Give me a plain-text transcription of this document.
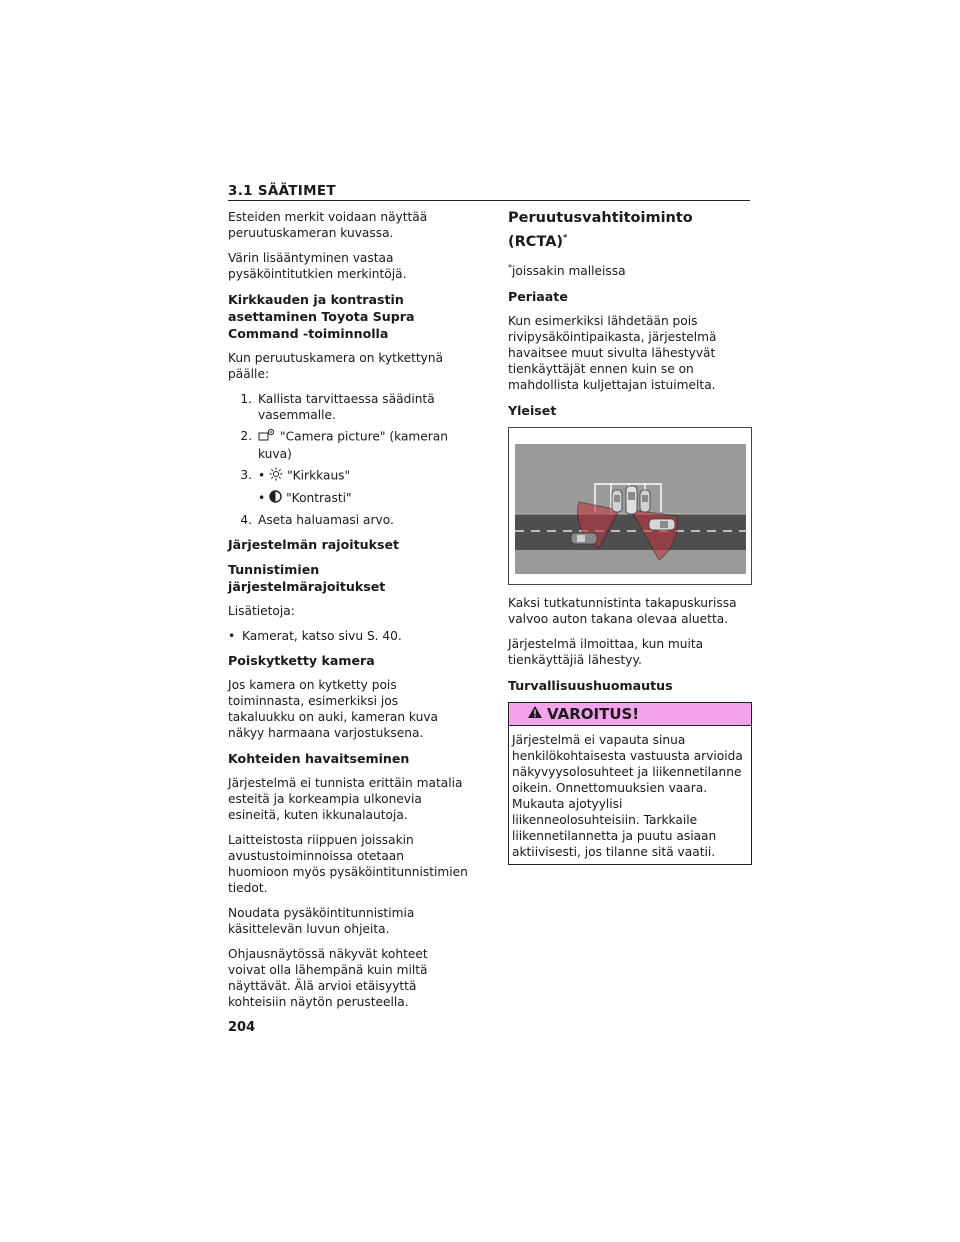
3.1 SÄÄTIMET

Esteiden merkit voidaan näyttää peruutuskameran kuvassa.

Värin lisääntyminen vastaa pysäköintitutkien merkintöjä.

Kirkkauden ja kontrastin asettaminen Toyota Supra Command -toiminnolla

Kun peruutuskamera on kytkettynä päälle:

1. Kallista tarvittaessa säädintä vasemmalle.
2.	"Camera picture" (kameran kuva)
3. • "Kirkkaus"
• "Kontrasti"
4. Aseta haluamasi arvo.
Järjestelmän rajoitukset
Tunnistimien järjestelmärajoitukset

Lisätietoja:

• Kamerat, katso sivu S. 40.
Poiskytketty kamera

Jos kamera on kytketty pois toiminnasta, esimerkiksi jos takaluukku on auki, kameran kuva näkyy harmaana varjostuksena.

Kohteiden havaitseminen

Järjestelmä ei tunnista erittäin matalia esteitä ja korkeampia ulkonevia esineitä, kuten ikkunalautoja.

Laitteistosta riippuen joissakin avustustoiminnoissa otetaan huomioon myös pysäköintitunnistimien tiedot.

Noudata pysäköintitunnistimia käsittelevän luvun ohjeita.

Ohjausnäytössä näkyvät kohteet voivat olla lähempänä kuin miltä näyttävät. Älä arvioi etäisyyttä kohteisiin näytön perusteella.

Peruutusvahtitoiminto (RCTA)*

*joissakin malleissa

Periaate

Kun esimerkiksi lähdetään pois rivipysäköintipaikasta, järjestelmä havaitsee muut sivulta lähestyvät tienkäyttäjät ennen kuin se on mahdollista kuljettajan istuimelta.

Yleiset

Kaksi tutkatunnistinta takapuskurissa valvoo auton takana olevaa aluetta.

Järjestelmä ilmoittaa, kun muita tienkäyttäjiä lähestyy.

Turvallisuushuomautus
VAROITUS!
Järjestelmä ei vapauta sinua henkilökohtaisesta vastuusta arvioida näkyvyysolosuhteet ja liikennetilanne oikein. Onnettomuuksien vaara. Mukauta ajotyylisi liikenneolosuhteisiin. Tarkkaile liikennetilannetta ja puutu asiaan aktiivisesti, jos tilanne sitä vaatii.
204
